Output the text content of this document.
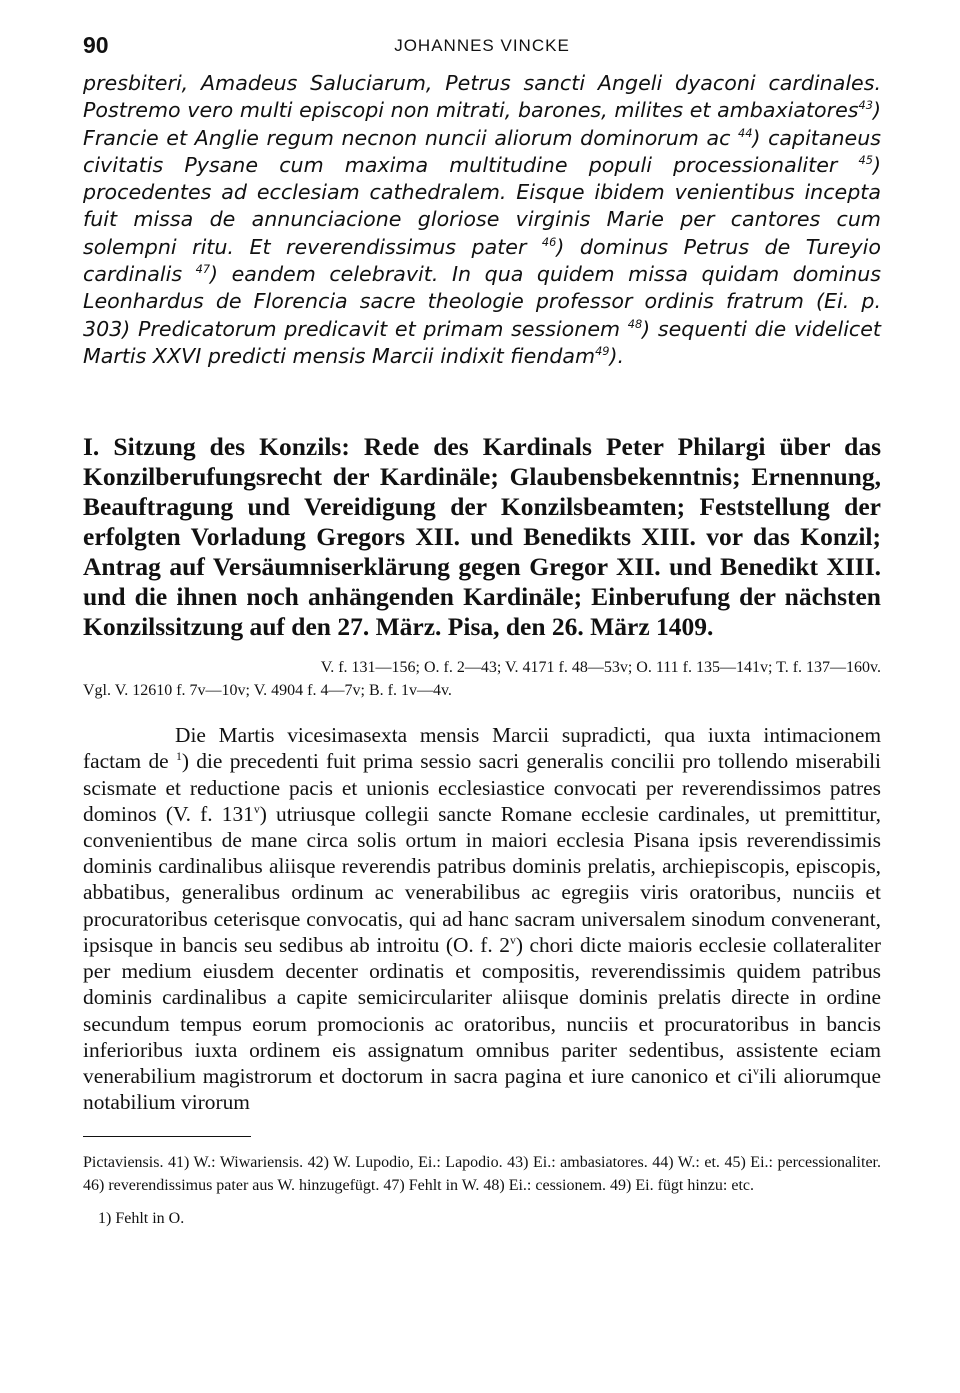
90	JOHANNES VINCKE

presbiteri, Amadeus Saluciarum, Petrus sancti Angeli dyaconi cardinales. Postremo vero multi episcopi non mitrati, barones, milites et ambaxiatores$^{43}$) Francie et Anglie regum necnon nuncii aliorum dominorum ac $^{44}$) capitaneus civitatis Pysane cum maxima multitudine populi processionaliter $^{45}$) procedentes ad ecclesiam cathedralem. Eisque ibidem venientibus incepta fuit missa de annunciacione gloriose virginis Marie per cantores cum solempni ritu. Et reverendissimus pater $^{46}$) dominus Petrus de Tureyio cardinalis $^{47}$) eandem celebravit. In qua quidem missa quidam dominus Leonhardus de Florencia sacre theologie professor ordinis fratrum (Ei. p. 303) Predicatorum predicavit et primam sessionem $^{48}$) sequenti die videlicet Martis XXVI predicti mensis Marcii indixit fiendam$^{49}$).

I. Sitzung des Konzils: Rede des Kardinals Peter Philargi über das Konzilberufungsrecht der Kardinäle; Glaubensbekenntnis; Ernennung, Beauftragung und Vereidigung der Konzilsbeamten; Feststellung der erfolgten Vorladung Gregors XII. und Benedikts XIII. vor das Konzil; Antrag auf Versäumniserklärung gegen Gregor XII. und Benedikt XIII. und die ihnen noch anhängenden Kardinäle; Einberufung der nächsten Konzilssitzung auf den 27. März. Pisa, den 26. März 1409.
V. f. 131—156; O. f. 2—43; V. 4171 f. 48—53v; O. 111 f. 135—141v; T. f. 137—160v.
Vgl. V. 12610 f. 7v—10v; V. 4904 f. 4—7v; B. f. 1v—4v.

Die Martis vicesimasexta mensis Marcii supradicti, qua iuxta intimacionem factam de $^1$) die precedenti fuit prima sessio sacri generalis concilii pro tollendo miserabili scismate et reductione pacis et unionis ecclesiastice convocati per reverendissimos patres dominos (V. f. 131$^v$) utriusque collegii sancte Romane ecclesie cardinales, ut premittitur, convenientibus de mane circa solis ortum in maiori ecclesia Pisana ipsis reverendissimis dominis cardinalibus aliisque reverendis patribus dominis prelatis, archiepiscopis, episcopis, abbatibus, generalibus ordinum ac venerabilibus ac egregiis viris oratoribus, nunciis et procuratoribus ceterisque convocatis, qui ad hanc sacram universalem sinodum convenerant, ipsisque in bancis seu sedibus ab introitu (O. f. 2$^v$) chori dicte maioris ecclesie collateraliter per medium eiusdem decenter ordinatis et compositis, reverendissimis quidem patribus dominis cardinalibus a capite semicirculariter aliisque dominis prelatis directe in ordine secundum tempus eorum promocionis ac oratoribus, nunciis et procuratoribus in bancis inferioribus iuxta ordinem eis assignatum omnibus pariter sedentibus, assistente eciam venerabilium magistrorum et doctorum in sacra pagina et iure canonico et $ci^vili$ aliorumque notabilium virorum

Pictaviensis. 41) W.: Wiwariensis. 42) W. Lupodio, Ei.: Lapodio. 43) Ei.: ambasiatores. 44) W.: et. 45) Ei.: percessionaliter. 46) reverendissimus pater aus W. hinzugefügt. 47) Fehlt in W. 48) Ei.: cessionem. 49) Ei. fügt hinzu: etc.

1) Fehlt in O.
